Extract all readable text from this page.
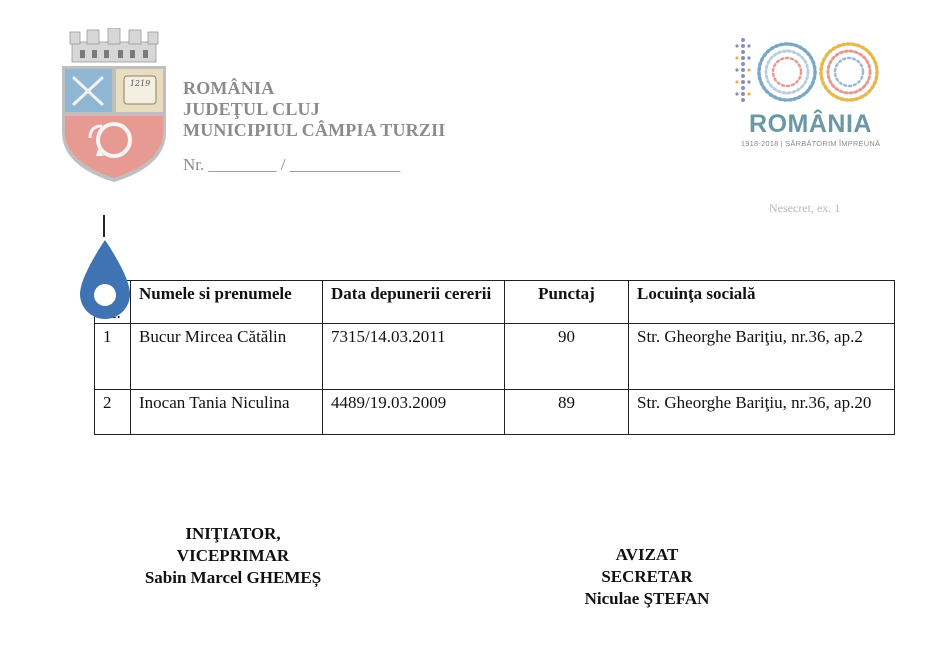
1219 ROMÂNIA
JUDEŢUL CLUJ
MUNICIPIUL CÂMPIA TURZII
Nr. ________ / _____________
ROMÂNIA
1918-2018 | SĂRBĂTORIM ÎMPREUNĂ
Nesecret, ex. 1
	Numele si prenumele	Data depunerii cererii	Punctaj	Locuinţa socială
1	Bucur Mircea Cătălin	7315/14.03.2011	90	Str. Gheorghe Bariţiu, nr.36, ap.2
2	Inocan Tania Niculina	4489/19.03.2009	89	Str. Gheorghe Bariţiu, nr.36, ap.20
INIŢIATOR,
VICEPRIMAR
Sabin Marcel GHEMEȘ
AVIZAT
SECRETAR
Niculae ŞTEFAN
